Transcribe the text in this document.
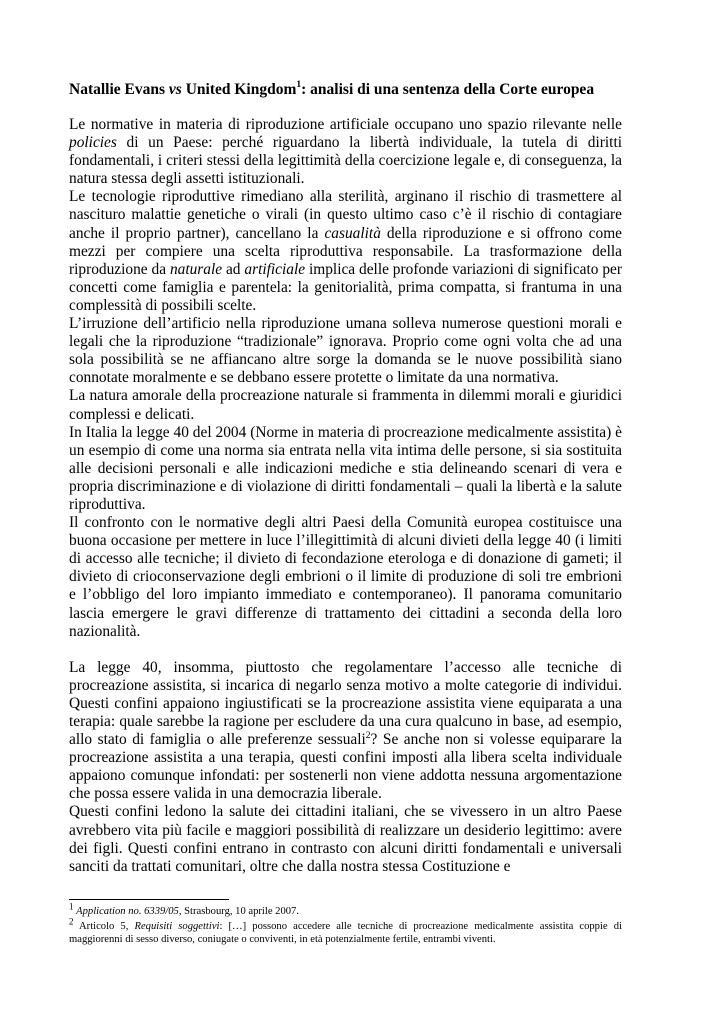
Natallie Evans vs United Kingdom$^1$: analisi di una sentenza della Corte europea

Le normative in materia di riproduzione artificiale occupano uno spazio rilevante nelle policies di un Paese: perché riguardano la libertà individuale, la tutela di diritti fondamentali, i criteri stessi della legittimità della coercizione legale e, di conseguenza, la natura stessa degli assetti istituzionali.

Le tecnologie riproduttive rimediano alla sterilità, arginano il rischio di trasmettere al nascituro malattie genetiche o virali (in questo ultimo caso c’è il rischio di contagiare anche il proprio partner), cancellano la casualità della riproduzione e si offrono come mezzi per compiere una scelta riproduttiva responsabile. La trasformazione della riproduzione da naturale ad artificiale implica delle profonde variazioni di significato per concetti come famiglia e parentela: la genitorialità, prima compatta, si frantuma in una complessità di possibili scelte.

L’irruzione dell’artificio nella riproduzione umana solleva numerose questioni morali e legali che la riproduzione “tradizionale” ignorava. Proprio come ogni volta che ad una sola possibilità se ne affiancano altre sorge la domanda se le nuove possibilità siano connotate moralmente e se debbano essere protette o limitate da una normativa.

La natura amorale della procreazione naturale si frammenta in dilemmi morali e giuridici complessi e delicati.

In Italia la legge 40 del 2004 (Norme in materia di procreazione medicalmente assistita) è un esempio di come una norma sia entrata nella vita intima delle persone, si sia sostituita alle decisioni personali e alle indicazioni mediche e stia delineando scenari di vera e propria discriminazione e di violazione di diritti fondamentali – quali la libertà e la salute riproduttiva.

Il confronto con le normative degli altri Paesi della Comunità europea costituisce una buona occasione per mettere in luce l’illegittimità di alcuni divieti della legge 40 (i limiti di accesso alle tecniche; il divieto di fecondazione eterologa e di donazione di gameti; il divieto di crioconservazione degli embrioni o il limite di produzione di soli tre embrioni e l’obbligo del loro impianto immediato e contemporaneo). Il panorama comunitario lascia emergere le gravi differenze di trattamento dei cittadini a seconda della loro nazionalità.

La legge 40, insomma, piuttosto che regolamentare l’accesso alle tecniche di procreazione assistita, si incarica di negarlo senza motivo a molte categorie di individui. Questi confini appaiono ingiustificati se la procreazione assistita viene equiparata a una terapia: quale sarebbe la ragione per escludere da una cura qualcuno in base, ad esempio, allo stato di famiglia o alle preferenze sessuali$^2$? Se anche non si volesse equiparare la procreazione assistita a una terapia, questi confini imposti alla libera scelta individuale appaiono comunque infondati: per sostenerli non viene addotta nessuna argomentazione che possa essere valida in una democrazia liberale.

Questi confini ledono la salute dei cittadini italiani, che se vivessero in un altro Paese avrebbero vita più facile e maggiori possibilità di realizzare un desiderio legittimo: avere dei figli. Questi confini entrano in contrasto con alcuni diritti fondamentali e universali sanciti da trattati comunitari, oltre che dalla nostra stessa Costituzione e

$^1$ Application no. 6339/05, Strasbourg, 10 aprile 2007.

$^2$ Articolo 5, Requisiti soggettivi: […] possono accedere alle tecniche di procreazione medicalmente assistita coppie di maggiorenni di sesso diverso, coniugate o conviventi, in età potenzialmente fertile, entrambi viventi.
